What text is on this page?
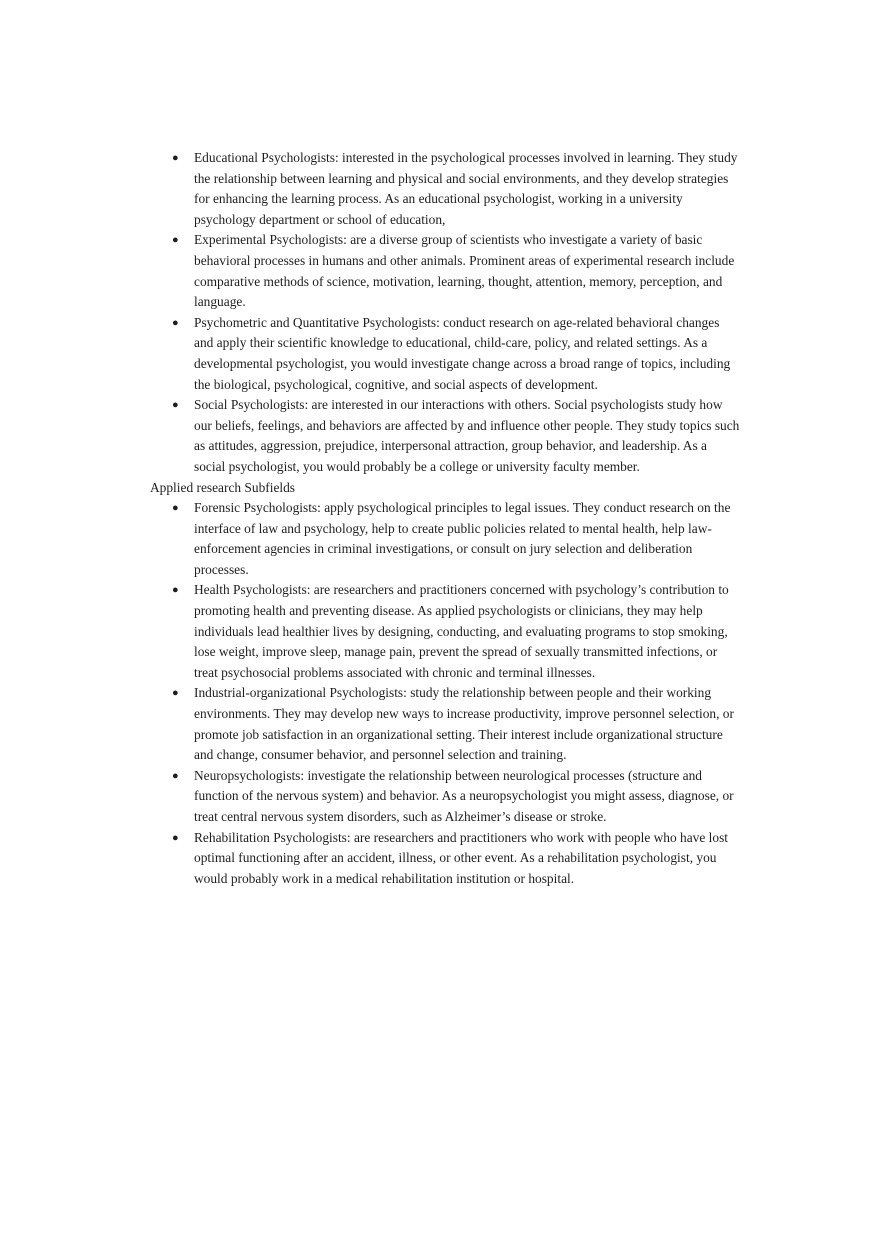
● Educational Psychologists: interested in the psychological processes involved in learning. They study the relationship between learning and physical and social environments, and they develop strategies for enhancing the learning process. As an educational psychologist, working in a university psychology department or school of education,
● Experimental Psychologists: are a diverse group of scientists who investigate a variety of basic behavioral processes in humans and other animals. Prominent areas of experimental research include comparative methods of science, motivation, learning, thought, attention, memory, perception, and language.
● Psychometric and Quantitative Psychologists: conduct research on age-related behavioral changes and apply their scientific knowledge to educational, child-care, policy, and related settings. As a developmental psychologist, you would investigate change across a broad range of topics, including the biological, psychological, cognitive, and social aspects of development.
● Social Psychologists: are interested in our interactions with others. Social psychologists study how our beliefs, feelings, and behaviors are affected by and influence other people. They study topics such as attitudes, aggression, prejudice, interpersonal attraction, group behavior, and leadership. As a social psychologist, you would probably be a college or university faculty member.
Applied research Subfields
● Forensic Psychologists: apply psychological principles to legal issues. They conduct research on the interface of law and psychology, help to create public policies related to mental health, help law-enforcement agencies in criminal investigations, or consult on jury selection and deliberation processes.
● Health Psychologists: are researchers and practitioners concerned with psychology’s contribution to promoting health and preventing disease. As applied psychologists or clinicians, they may help individuals lead healthier lives by designing, conducting, and evaluating programs to stop smoking, lose weight, improve sleep, manage pain, prevent the spread of sexually transmitted infections, or treat psychosocial problems associated with chronic and terminal illnesses.
● Industrial-organizational Psychologists: study the relationship between people and their working environments. They may develop new ways to increase productivity, improve personnel selection, or promote job satisfaction in an organizational setting. Their interest include organizational structure and change, consumer behavior, and personnel selection and training.
● Neuropsychologists: investigate the relationship between neurological processes (structure and function of the nervous system) and behavior. As a neuropsychologist you might assess, diagnose, or treat central nervous system disorders, such as Alzheimer’s disease or stroke.
● Rehabilitation Psychologists: are researchers and practitioners who work with people who have lost optimal functioning after an accident, illness, or other event. As a rehabilitation psychologist, you would probably work in a medical rehabilitation institution or hospital.
